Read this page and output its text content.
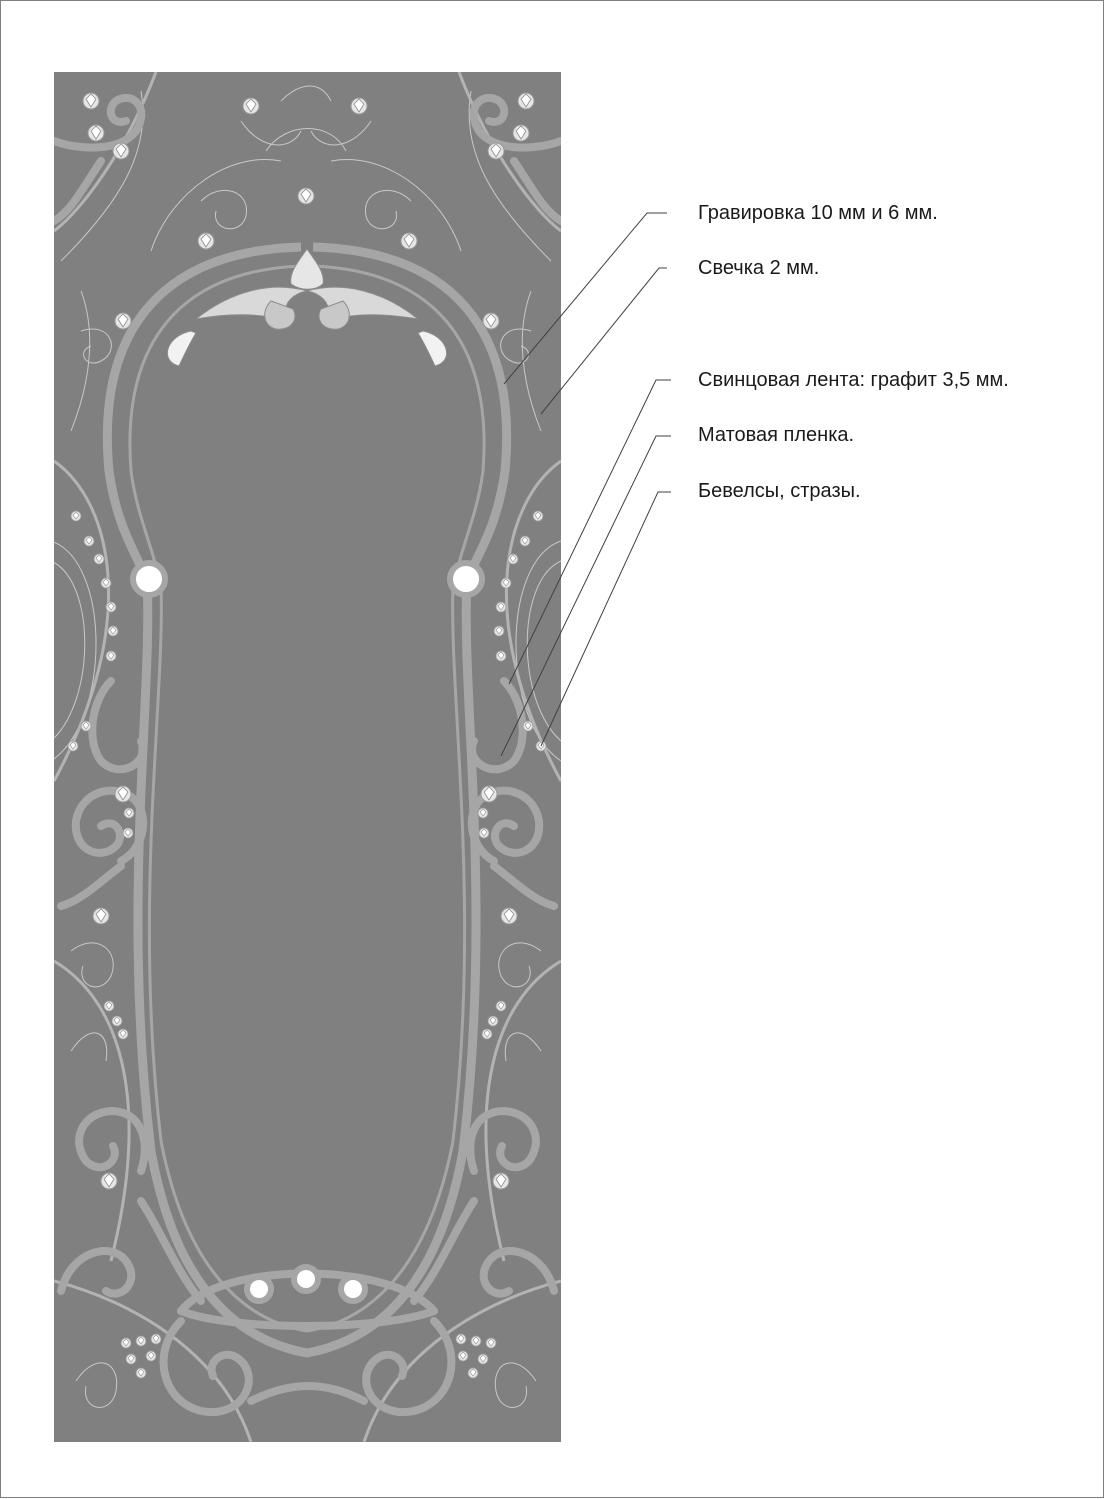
Гравировка 10 мм и 6 мм.
Свечка 2 мм.
Свинцовая лента: графит 3,5 мм.
Матовая пленка.
Бевелсы, стразы.
